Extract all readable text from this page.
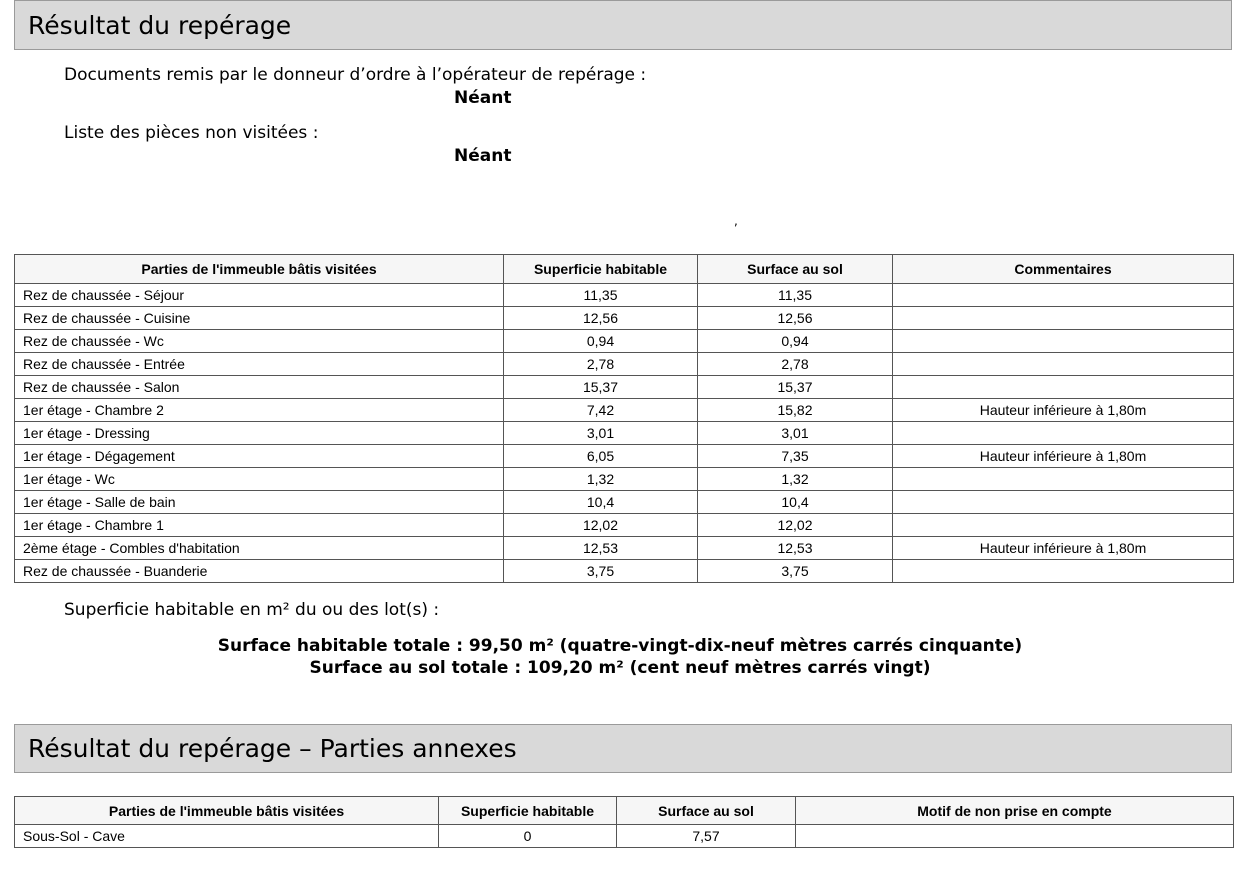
Résultat du repérage
Documents remis par le donneur d’ordre à l’opérateur de repérage :
Néant
Liste des pièces non visitées :
Néant
,
Parties de l'immeuble bâtis visitées	Superficie habitable	Surface au sol	Commentaires
Rez de chaussée - Séjour	11,35	11,35	
Rez de chaussée - Cuisine	12,56	12,56	
Rez de chaussée - Wc	0,94	0,94	
Rez de chaussée - Entrée	2,78	2,78	
Rez de chaussée - Salon	15,37	15,37	
1er étage - Chambre 2	7,42	15,82	Hauteur inférieure à 1,80m
1er étage - Dressing	3,01	3,01	
1er étage - Dégagement	6,05	7,35	Hauteur inférieure à 1,80m
1er étage - Wc	1,32	1,32	
1er étage - Salle de bain	10,4	10,4	
1er étage - Chambre 1	12,02	12,02	
2ème étage - Combles d'habitation	12,53	12,53	Hauteur inférieure à 1,80m
Rez de chaussée - Buanderie	3,75	3,75	
Superficie habitable en m² du ou des lot(s) :
Surface habitable totale : 99,50 m² (quatre-vingt-dix-neuf mètres carrés cinquante)
Surface au sol totale : 109,20 m² (cent neuf mètres carrés vingt)
Résultat du repérage – Parties annexes
Parties de l'immeuble bâtis visitées	Superficie habitable	Surface au sol	Motif de non prise en compte
Sous-Sol - Cave	0	7,57	
